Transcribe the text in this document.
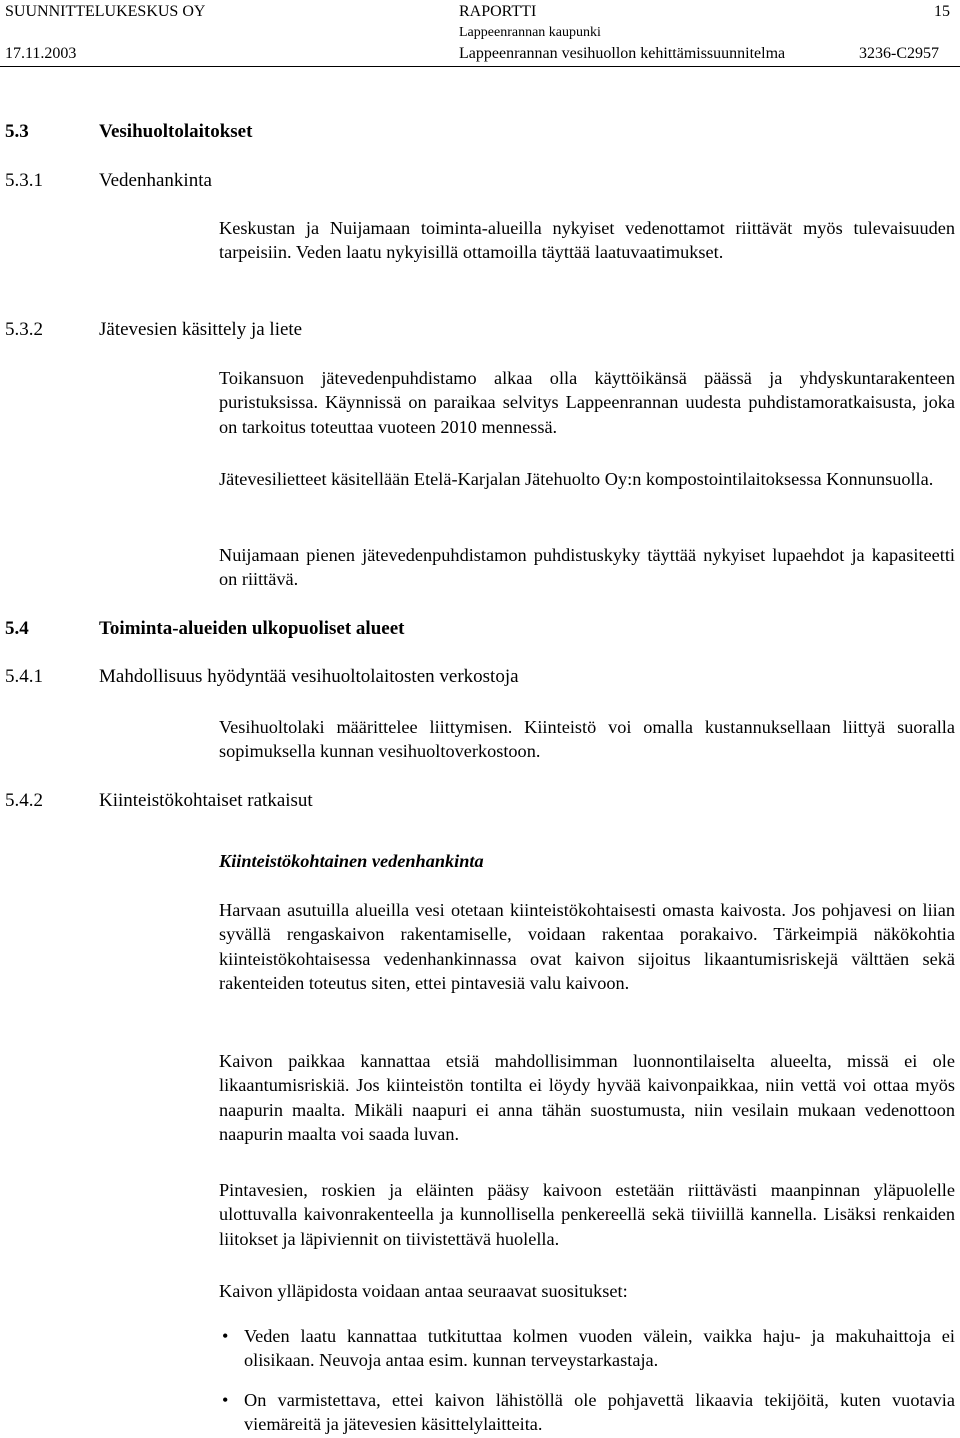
SUUNNITTELUKESKUS OY	RAPORTTI	15
Lappeenrannan kaupunki
17.11.2003	Lappeenrannan vesihuollon kehittämissuunnitelma	3236-C2957
5.3	Vesihuoltolaitokset
5.3.1	Vedenhankinta

Keskustan ja Nuijamaan toiminta-alueilla nykyiset vedenottamot riittävät myös tulevaisuuden tarpeisiin. Veden laatu nykyisillä ottamoilla täyttää laatuvaatimukset.

5.3.2	Jätevesien käsittely ja liete

Toikansuon jätevedenpuhdistamo alkaa olla käyttöikänsä päässä ja yhdyskuntarakenteen puristuksissa. Käynnissä on paraikaa selvitys Lappeenrannan uudesta puhdistamoratkaisusta, joka on tarkoitus toteuttaa vuoteen 2010 mennessä.

Jätevesilietteet käsitellään Etelä-Karjalan Jätehuolto Oy:n kompostointilaitoksessa Konnunsuolla.

Nuijamaan pienen jätevedenpuhdistamon puhdistuskyky täyttää nykyiset lupaehdot ja kapasiteetti on riittävä.

5.4	Toiminta-alueiden ulkopuoliset alueet
5.4.1	Mahdollisuus hyödyntää vesihuoltolaitosten verkostoja

Vesihuoltolaki määrittelee liittymisen. Kiinteistö voi omalla kustannuksellaan liittyä suoralla sopimuksella kunnan vesihuoltoverkostoon.

5.4.2	Kiinteistökohtaiset ratkaisut
Kiinteistökohtainen vedenhankinta

Harvaan asutuilla alueilla vesi otetaan kiinteistökohtaisesti omasta kaivosta. Jos pohjavesi on liian syvällä rengaskaivon rakentamiselle, voidaan rakentaa porakaivo. Tärkeimpiä näkökohtia kiinteistökohtaisessa vedenhankinnassa ovat kaivon sijoitus likaantumisriskejä välttäen sekä rakenteiden toteutus siten, ettei pintavesiä valu kaivoon.

Kaivon paikkaa kannattaa etsiä mahdollisimman luonnontilaiselta alueelta, missä ei ole likaantumisriskiä. Jos kiinteistön tontilta ei löydy hyvää kaivonpaikkaa, niin vettä voi ottaa myös naapurin maalta. Mikäli naapuri ei anna tähän suostumusta, niin vesilain mukaan vedenottoon naapurin maalta voi saada luvan.

Pintavesien, roskien ja eläinten pääsy kaivoon estetään riittävästi maanpinnan yläpuolelle ulottuvalla kaivonrakenteella ja kunnollisella penkereellä sekä tiiviillä kannella. Lisäksi renkaiden liitokset ja läpiviennit on tiivistettävä huolella.

Kaivon ylläpidosta voidaan antaa seuraavat suositukset:

• Veden laatu kannattaa tutkituttaa kolmen vuoden välein, vaikka haju- ja makuhaittoja ei olisikaan. Neuvoja antaa esim. kunnan terveystarkastaja.
• On varmistettava, ettei kaivon lähistöllä ole pohjavettä likaavia tekijöitä, kuten vuotavia viemäreitä ja jätevesien käsittelylaitteita.
